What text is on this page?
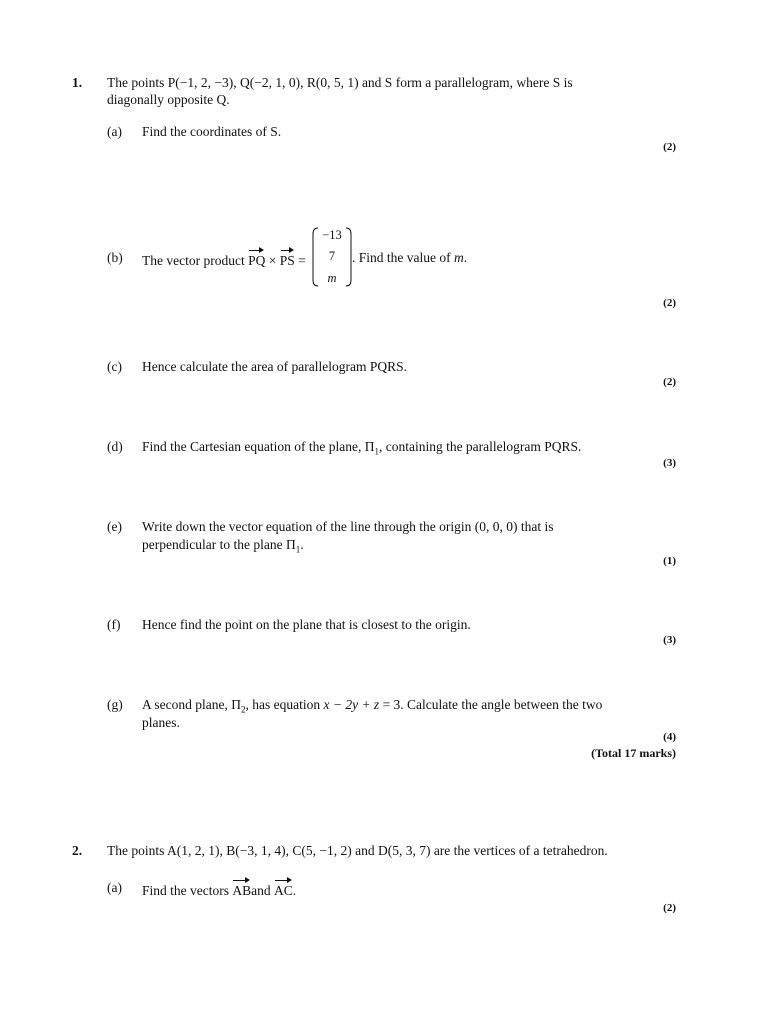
1. The points P(−1, 2, −3), Q(−2, 1, 0), R(0, 5, 1) and S form a parallelogram, where S is
diagonally opposite Q.
(a) Find the coordinates of S.
(2)
(b) The vector product PQ × PS =
−13
7
m
. Find the value of m.
(2)
(c) Hence calculate the area of parallelogram PQRS.
(2)
(d) Find the Cartesian equation of the plane, $\Pi_1$, containing the parallelogram PQRS.
(3)
(e) Write down the vector equation of the line through the origin (0, 0, 0) that is
perpendicular to the plane $\Pi_1$.
(1)
(f) Hence find the point on the plane that is closest to the origin.
(3)
(g) A second plane, $\Pi_2$, has equation x − 2y + z = 3. Calculate the angle between the two
planes.
(4)
(Total 17 marks)
2. The points A(1, 2, 1), B(−3, 1, 4), C(5, −1, 2) and D(5, 3, 7) are the vertices of a tetrahedron.
(a) Find the vectors ABand AC.
(2)
